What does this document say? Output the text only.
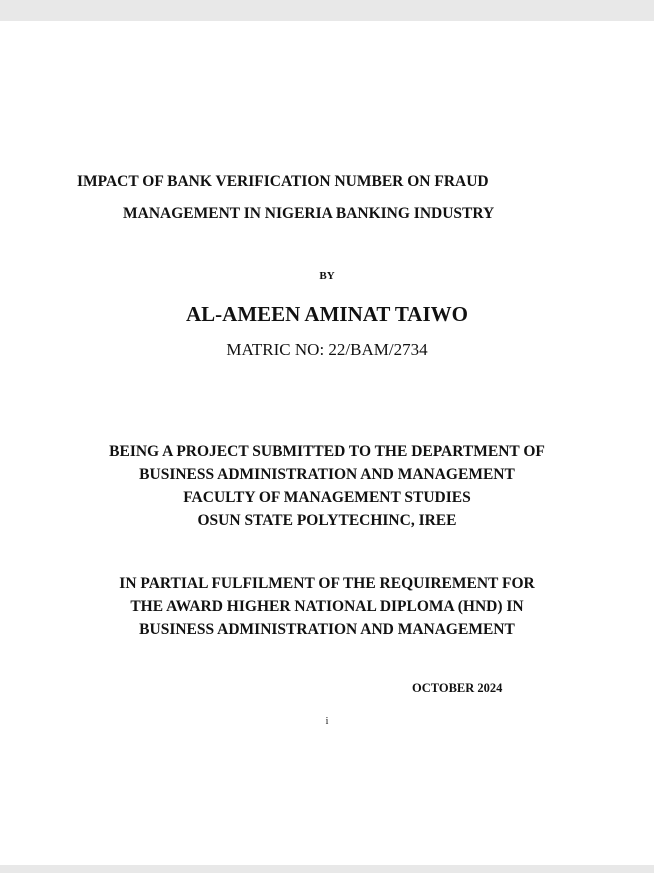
IMPACT OF BANK VERIFICATION NUMBER ON FRAUD
MANAGEMENT IN NIGERIA BANKING INDUSTRY
BY
AL-AMEEN AMINAT TAIWO
MATRIC NO: 22/BAM/2734
BEING A PROJECT SUBMITTED TO THE DEPARTMENT OF
BUSINESS ADMINISTRATION AND MANAGEMENT
FACULTY OF MANAGEMENT STUDIES
OSUN STATE POLYTECHINC, IREE
IN PARTIAL FULFILMENT OF THE REQUIREMENT FOR
THE AWARD HIGHER NATIONAL DIPLOMA (HND) IN
BUSINESS ADMINISTRATION AND MANAGEMENT
OCTOBER 2024
i
